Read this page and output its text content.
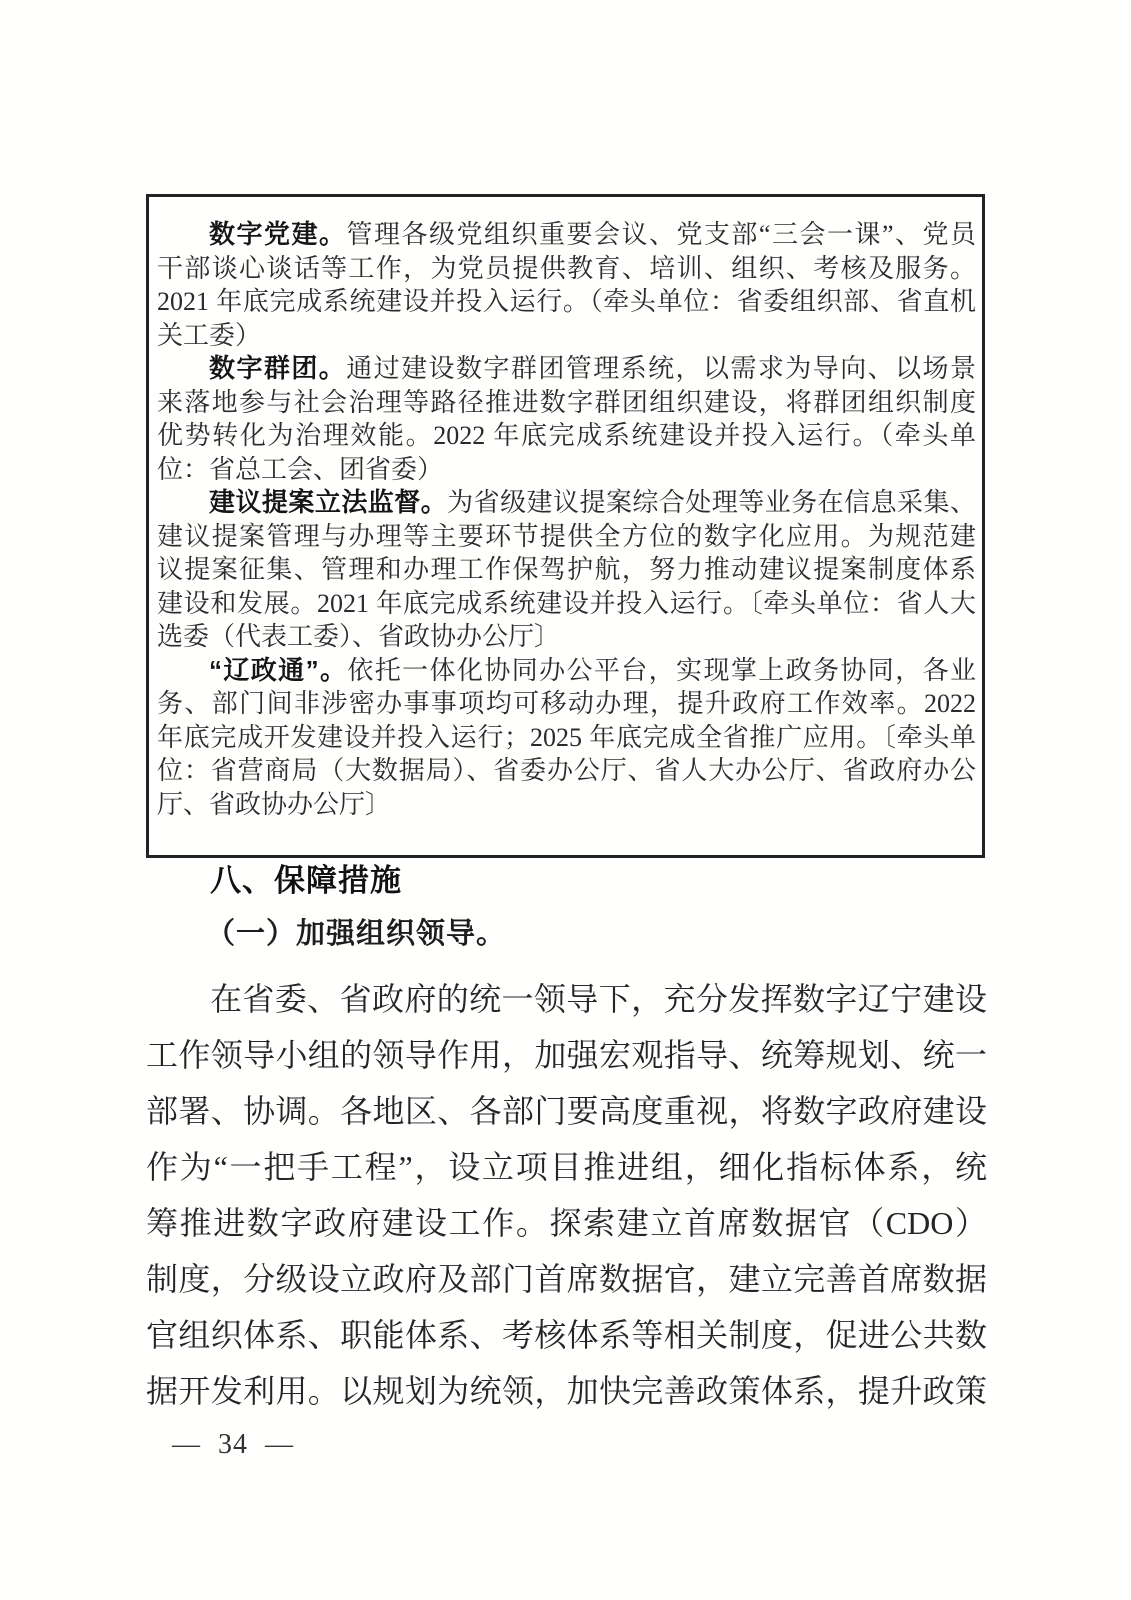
数字党建。管理各级党组织重要会议、党支部“三会一课”、党员
干部谈心谈话等工作，为党员提供教育、培训、组织、考核及服务。
2021 年底完成系统建设并投入运行。（牵头单位：省委组织部、省直机
关工委）
数字群团。通过建设数字群团管理系统，以需求为导向、以场景
来落地参与社会治理等路径推进数字群团组织建设，将群团组织制度
优势转化为治理效能。2022 年底完成系统建设并投入运行。（牵头单
位：省总工会、团省委）
建议提案立法监督。为省级建议提案综合处理等业务在信息采集、
建议提案管理与办理等主要环节提供全方位的数字化应用。为规范建
议提案征集、管理和办理工作保驾护航，努力推动建议提案制度体系
建设和发展。2021 年底完成系统建设并投入运行。〔牵头单位：省人大
选委（代表工委）、省政协办公厅〕
“辽政通”。依托一体化协同办公平台，实现掌上政务协同，各业
务、部门间非涉密办事事项均可移动办理，提升政府工作效率。2022
年底完成开发建设并投入运行；2025 年底完成全省推广应用。〔牵头单
位：省营商局（大数据局）、省委办公厅、省人大办公厅、省政府办公
厅、省政协办公厅〕
八、保障措施
（一）加强组织领导。
在省委、省政府的统一领导下，充分发挥数字辽宁建设
工作领导小组的领导作用，加强宏观指导、统筹规划、统一
部署、协调。各地区、各部门要高度重视，将数字政府建设
作为“一把手工程”，设立项目推进组，细化指标体系，统
筹推进数字政府建设工作。探索建立首席数据官（CDO）
制度，分级设立政府及部门首席数据官，建立完善首席数据
官组织体系、职能体系、考核体系等相关制度，促进公共数
据开发利用。以规划为统领，加快完善政策体系，提升政策
— 34 —
